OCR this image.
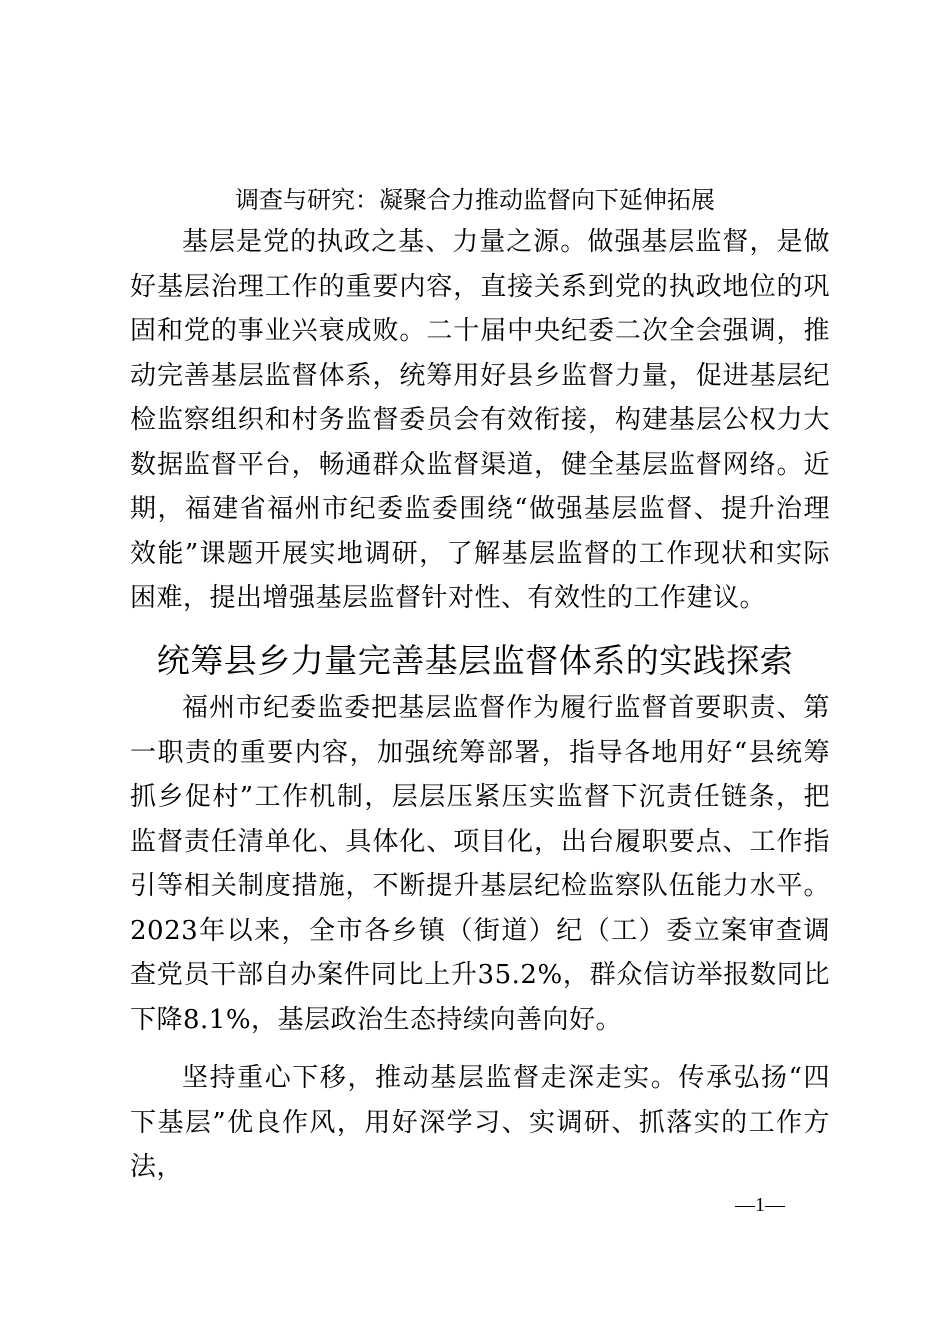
调查与研究：凝聚合力推动监督向下延伸拓展

基层是党的执政之基、力量之源。做强基层监督，是做好基层治理工作的重要内容，直接关系到党的执政地位的巩固和党的事业兴衰成败。二十届中央纪委二次全会强调，推动完善基层监督体系，统筹用好县乡监督力量，促进基层纪检监察组织和村务监督委员会有效衔接，构建基层公权力大数据监督平台，畅通群众监督渠道，健全基层监督网络。近期，福建省福州市纪委监委围绕“做强基层监督、提升治理效能”课题开展实地调研，了解基层监督的工作现状和实际困难，提出增强基层监督针对性、有效性的工作建议。

统筹县乡力量完善基层监督体系的实践探索

福州市纪委监委把基层监督作为履行监督首要职责、第一职责的重要内容，加强统筹部署，指导各地用好“县统筹抓乡促村”工作机制，层层压紧压实监督下沉责任链条，把监督责任清单化、具体化、项目化，出台履职要点、工作指引等相关制度措施，不断提升基层纪检监察队伍能力水平。2023年以来，全市各乡镇（街道）纪（工）委立案审查调查党员干部自办案件同比上升35.2%，群众信访举报数同比下降8.1%，基层政治生态持续向善向好。

坚持重心下移，推动基层监督走深走实。传承弘扬“四下基层”优良作风，用好深学习、实调研、抓落实的工作方法，

—1—
